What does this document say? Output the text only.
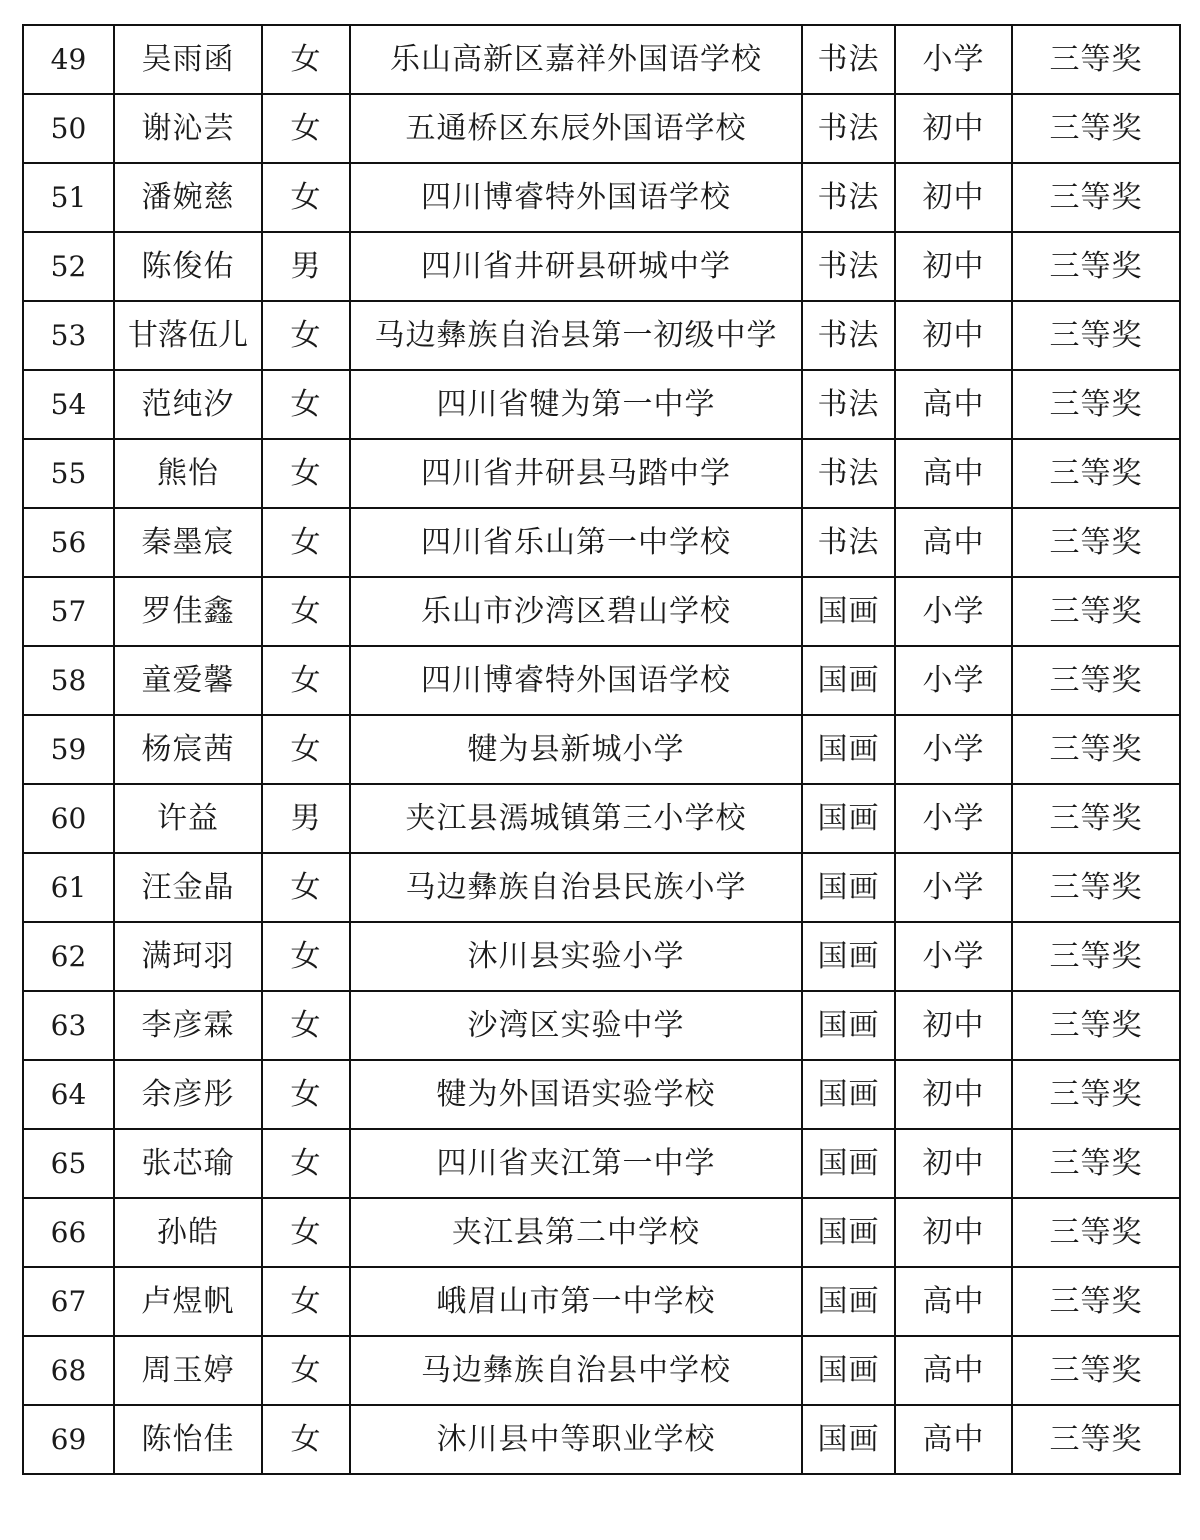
49	吴雨函	女	乐山高新区嘉祥外国语学校	书法	小学	三等奖
50	谢沁芸	女	五通桥区东辰外国语学校	书法	初中	三等奖
51	潘婉慈	女	四川博睿特外国语学校	书法	初中	三等奖
52	陈俊佑	男	四川省井研县研城中学	书法	初中	三等奖
53	甘落伍儿	女	马边彝族自治县第一初级中学	书法	初中	三等奖
54	范纯汐	女	四川省犍为第一中学	书法	高中	三等奖
55	熊怡	女	四川省井研县马踏中学	书法	高中	三等奖
56	秦墨宸	女	四川省乐山第一中学校	书法	高中	三等奖
57	罗佳鑫	女	乐山市沙湾区碧山学校	国画	小学	三等奖
58	童爱馨	女	四川博睿特外国语学校	国画	小学	三等奖
59	杨宸茜	女	犍为县新城小学	国画	小学	三等奖
60	许益	男	夹江县漹城镇第三小学校	国画	小学	三等奖
61	汪金晶	女	马边彝族自治县民族小学	国画	小学	三等奖
62	满珂羽	女	沐川县实验小学	国画	小学	三等奖
63	李彦霖	女	沙湾区实验中学	国画	初中	三等奖
64	余彦彤	女	犍为外国语实验学校	国画	初中	三等奖
65	张芯瑜	女	四川省夹江第一中学	国画	初中	三等奖
66	孙皓	女	夹江县第二中学校	国画	初中	三等奖
67	卢煜帆	女	峨眉山市第一中学校	国画	高中	三等奖
68	周玉婷	女	马边彝族自治县中学校	国画	高中	三等奖
69	陈怡佳	女	沐川县中等职业学校	国画	高中	三等奖
